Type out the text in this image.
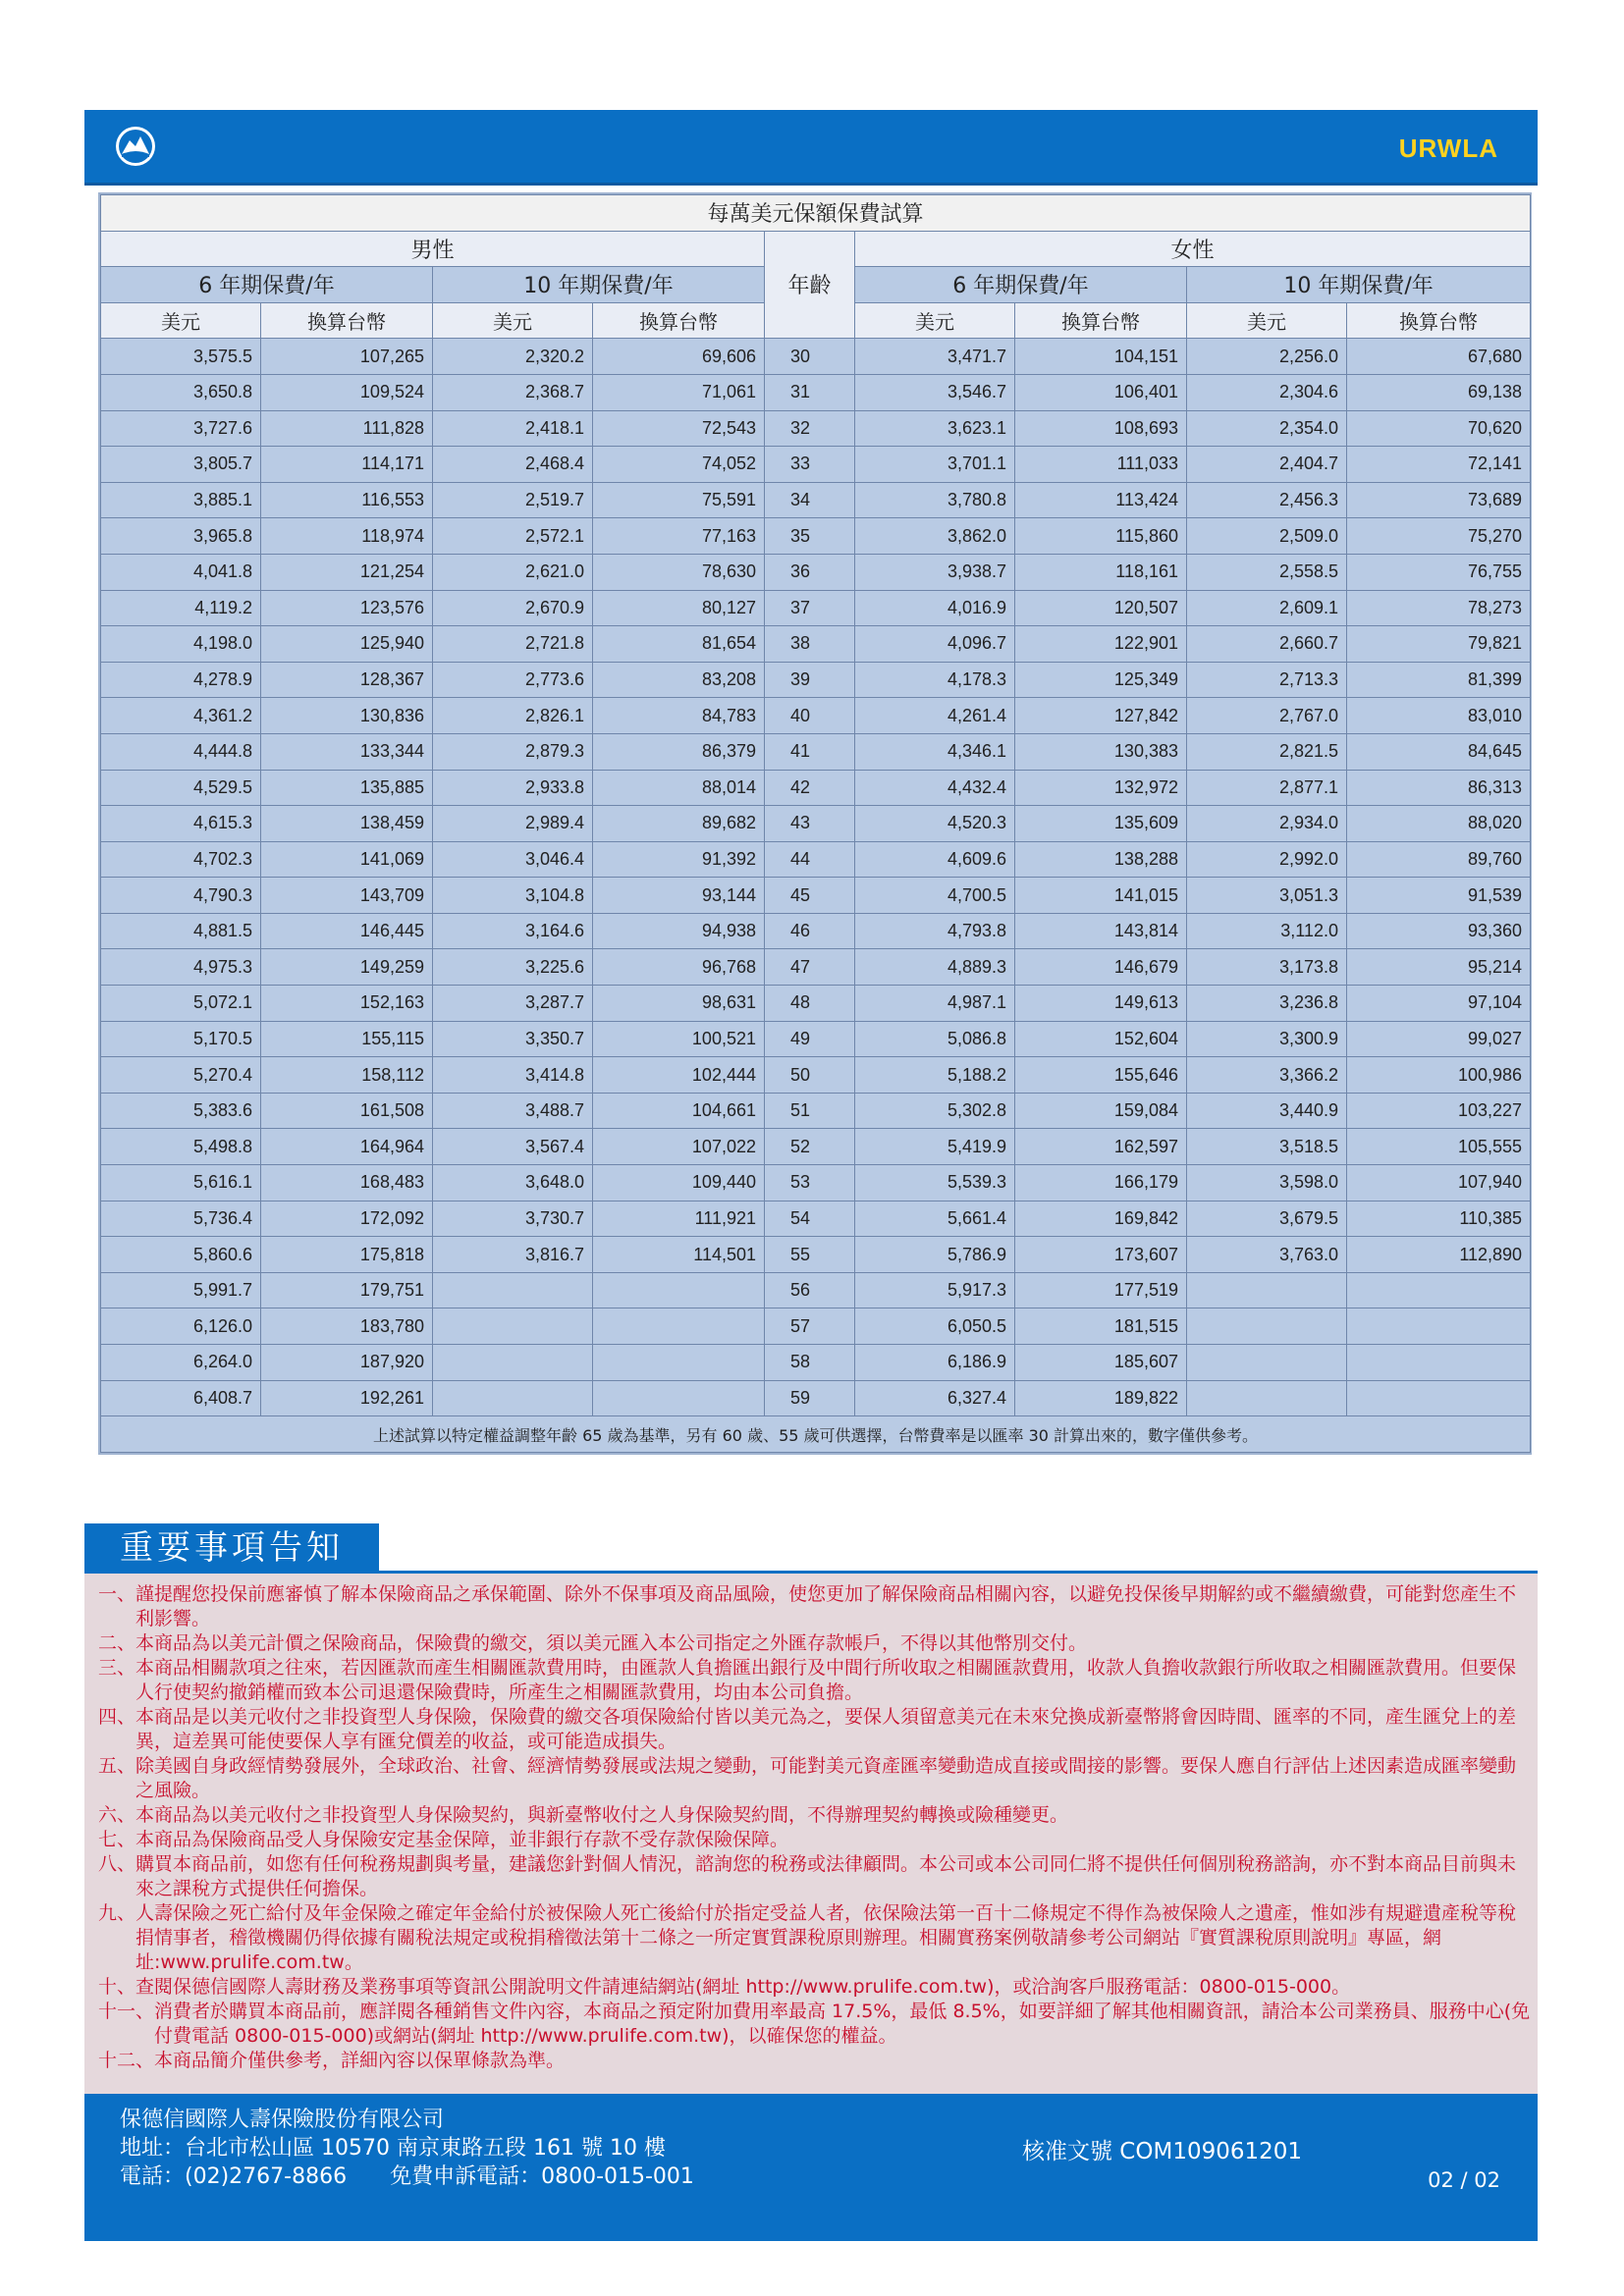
URWLA
每萬美元保額保費試算								
男性				年齡	女性			
6 年期保費/年		10 年期保費/年			6 年期保費/年		10 年期保費/年	
美元	換算台幣	美元	換算台幣		美元	換算台幣	美元	換算台幣
3,575.5	107,265	2,320.2	69,606	30	3,471.7	104,151	2,256.0	67,680
3,650.8	109,524	2,368.7	71,061	31	3,546.7	106,401	2,304.6	69,138
3,727.6	111,828	2,418.1	72,543	32	3,623.1	108,693	2,354.0	70,620
3,805.7	114,171	2,468.4	74,052	33	3,701.1	111,033	2,404.7	72,141
3,885.1	116,553	2,519.7	75,591	34	3,780.8	113,424	2,456.3	73,689
3,965.8	118,974	2,572.1	77,163	35	3,862.0	115,860	2,509.0	75,270
4,041.8	121,254	2,621.0	78,630	36	3,938.7	118,161	2,558.5	76,755
4,119.2	123,576	2,670.9	80,127	37	4,016.9	120,507	2,609.1	78,273
4,198.0	125,940	2,721.8	81,654	38	4,096.7	122,901	2,660.7	79,821
4,278.9	128,367	2,773.6	83,208	39	4,178.3	125,349	2,713.3	81,399
4,361.2	130,836	2,826.1	84,783	40	4,261.4	127,842	2,767.0	83,010
4,444.8	133,344	2,879.3	86,379	41	4,346.1	130,383	2,821.5	84,645
4,529.5	135,885	2,933.8	88,014	42	4,432.4	132,972	2,877.1	86,313
4,615.3	138,459	2,989.4	89,682	43	4,520.3	135,609	2,934.0	88,020
4,702.3	141,069	3,046.4	91,392	44	4,609.6	138,288	2,992.0	89,760
4,790.3	143,709	3,104.8	93,144	45	4,700.5	141,015	3,051.3	91,539
4,881.5	146,445	3,164.6	94,938	46	4,793.8	143,814	3,112.0	93,360
4,975.3	149,259	3,225.6	96,768	47	4,889.3	146,679	3,173.8	95,214
5,072.1	152,163	3,287.7	98,631	48	4,987.1	149,613	3,236.8	97,104
5,170.5	155,115	3,350.7	100,521	49	5,086.8	152,604	3,300.9	99,027
5,270.4	158,112	3,414.8	102,444	50	5,188.2	155,646	3,366.2	100,986
5,383.6	161,508	3,488.7	104,661	51	5,302.8	159,084	3,440.9	103,227
5,498.8	164,964	3,567.4	107,022	52	5,419.9	162,597	3,518.5	105,555
5,616.1	168,483	3,648.0	109,440	53	5,539.3	166,179	3,598.0	107,940
5,736.4	172,092	3,730.7	111,921	54	5,661.4	169,842	3,679.5	110,385
5,860.6	175,818	3,816.7	114,501	55	5,786.9	173,607	3,763.0	112,890
5,991.7	179,751			56	5,917.3	177,519		
6,126.0	183,780			57	6,050.5	181,515		
6,264.0	187,920			58	6,186.9	185,607		
6,408.7	192,261			59	6,327.4	189,822		
上述試算以特定權益調整年齡 65 歲為基準，另有 60 歲、55 歲可供選擇，台幣費率是以匯率 30 計算出來的，數字僅供參考。								
重要事項告知
一、 謹提醒您投保前應審慎了解本保險商品之承保範圍、除外不保事項及商品風險，使您更加了解保險商品相關內容，以避免投保後早期解約或不繼續繳費，可能對您產生不利影響。
二、 本商品為以美元計價之保險商品，保險費的繳交，須以美元匯入本公司指定之外匯存款帳戶，不得以其他幣別交付。
三、 本商品相關款項之往來，若因匯款而產生相關匯款費用時，由匯款人負擔匯出銀行及中間行所收取之相關匯款費用，收款人負擔收款銀行所收取之相關匯款費用。但要保人行使契約撤銷權而致本公司退還保險費時，所產生之相關匯款費用，均由本公司負擔。
四、 本商品是以美元收付之非投資型人身保險，保險費的繳交各項保險給付皆以美元為之，要保人須留意美元在未來兌換成新臺幣將會因時間、匯率的不同，產生匯兌上的差異，這差異可能使要保人享有匯兌價差的收益，或可能造成損失。
五、 除美國自身政經情勢發展外，全球政治、社會、經濟情勢發展或法規之變動，可能對美元資產匯率變動造成直接或間接的影響。要保人應自行評估上述因素造成匯率變動之風險。
六、 本商品為以美元收付之非投資型人身保險契約，與新臺幣收付之人身保險契約間，不得辦理契約轉換或險種變更。
七、 本商品為保險商品受人身保險安定基金保障，並非銀行存款不受存款保險保障。
八、 購買本商品前，如您有任何稅務規劃與考量，建議您針對個人情況，諮詢您的稅務或法律顧問。本公司或本公司同仁將不提供任何個別稅務諮詢，亦不對本商品目前與未來之課稅方式提供任何擔保。
九、 人壽保險之死亡給付及年金保險之確定年金給付於被保險人死亡後給付於指定受益人者，依保險法第一百十二條規定不得作為被保險人之遺產，惟如涉有規避遺產稅等稅捐情事者，稽徵機關仍得依據有關稅法規定或稅捐稽徵法第十二條之一所定實質課稅原則辦理。相關實務案例敬請參考公司網站『實質課稅原則說明』專區，網址:www.prulife.com.tw。
十、 查閱保德信國際人壽財務及業務事項等資訊公開說明文件請連結網站(網址 http://www.prulife.com.tw)，或洽詢客戶服務電話：0800-015-000。
十一、 消費者於購買本商品前，應詳閱各種銷售文件內容，本商品之預定附加費用率最高 17.5%，最低 8.5%，如要詳細了解其他相關資訊，請洽本公司業務員、服務中心(免付費電話 0800-015-000)或網站(網址 http://www.prulife.com.tw)，以確保您的權益。
十二、 本商品簡介僅供參考，詳細內容以保單條款為準。
保德信國際人壽保險股份有限公司
地址：台北市松山區 10570 南京東路五段 161 號 10 樓
電話：(02)2767-8866　　免費申訴電話：0800-015-001
核准文號 COM109061201
02 / 02
